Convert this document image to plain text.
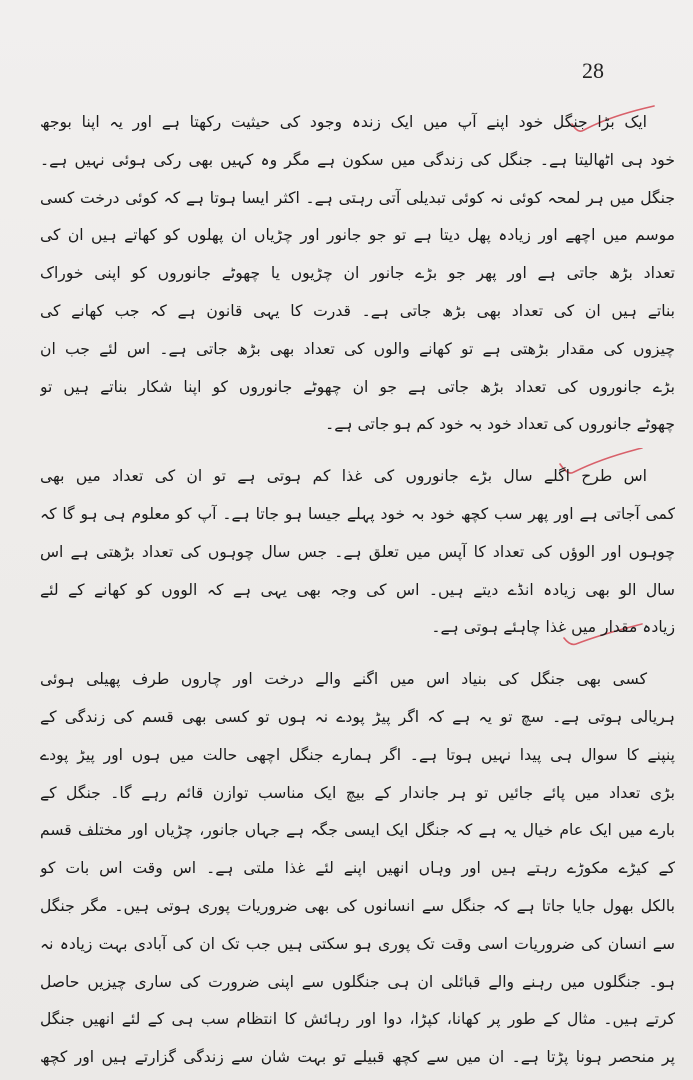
28
ایک بڑا جنگل خود اپنے آپ میں ایک زندہ وجود کی حیثیت رکھتا ہے اور یہ اپنا بوجھ
خود ہی اٹھالیتا ہے۔ جنگل کی زندگی میں سکون ہے مگر وہ کہیں بھی رکی ہوئی نہیں ہے۔
جنگل میں ہر لمحہ کوئی نہ کوئی تبدیلی آتی رہتی ہے۔ اکثر ایسا ہوتا ہے کہ کوئی درخت کسی
موسم میں اچھے اور زیادہ پھل دیتا ہے تو جو جانور اور چڑیاں ان پھلوں کو کھاتے ہیں ان کی
تعداد بڑھ جاتی ہے اور پھر جو بڑے جانور ان چڑیوں یا چھوٹے جانوروں کو اپنی خوراک
بناتے ہیں ان کی تعداد بھی بڑھ جاتی ہے۔ قدرت کا یہی قانون ہے کہ جب کھانے کی
چیزوں کی مقدار بڑھتی ہے تو کھانے والوں کی تعداد بھی بڑھ جاتی ہے۔ اس لئے جب ان
بڑے جانوروں کی تعداد بڑھ جاتی ہے جو ان چھوٹے جانوروں کو اپنا شکار بناتے ہیں تو
چھوٹے جانوروں کی تعداد خود بہ خود کم ہو جاتی ہے۔
اس طرح اگلے سال بڑے جانوروں کی غذا کم ہوتی ہے تو ان کی تعداد میں بھی
کمی آجاتی ہے اور پھر سب کچھ خود بہ خود پہلے جیسا ہو جاتا ہے۔ آپ کو معلوم ہی ہو گا کہ
چوہوں اور الوؤں کی تعداد کا آپس میں تعلق ہے۔ جس سال چوہوں کی تعداد بڑھتی ہے اس
سال الو بھی زیادہ انڈے دیتے ہیں۔ اس کی وجہ بھی یہی ہے کہ الووں کو کھانے کے لئے
زیادہ مقدار میں غذا چاہئے ہوتی ہے۔
کسی بھی جنگل کی بنیاد اس میں اگنے والے درخت اور چاروں طرف پھیلی ہوئی
ہریالی ہوتی ہے۔ سچ تو یہ ہے کہ اگر پیڑ پودے نہ ہوں تو کسی بھی قسم کی زندگی کے
پنپنے کا سوال ہی پیدا نہیں ہوتا ہے۔ اگر ہمارے جنگل اچھی حالت میں ہوں اور پیڑ پودے
بڑی تعداد میں پائے جائیں تو ہر جاندار کے بیچ ایک مناسب توازن قائم رہے گا۔ جنگل کے
بارے میں ایک عام خیال یہ ہے کہ جنگل ایک ایسی جگہ ہے جہاں جانور، چڑیاں اور مختلف قسم
کے کیڑے مکوڑے رہتے ہیں اور وہاں انھیں اپنے لئے غذا ملتی ہے۔ اس وقت اس بات کو
بالکل بھول جایا جاتا ہے کہ جنگل سے انسانوں کی بھی ضروریات پوری ہوتی ہیں۔ مگر جنگل
سے انسان کی ضروریات اسی وقت تک پوری ہو سکتی ہیں جب تک ان کی آبادی بہت زیادہ نہ
ہو۔ جنگلوں میں رہنے والے قبائلی ان ہی جنگلوں سے اپنی ضرورت کی ساری چیزیں حاصل
کرتے ہیں۔ مثال کے طور پر کھانا، کپڑا، دوا اور رہائش کا انتظام سب ہی کے لئے انھیں جنگل
پر منحصر ہونا پڑتا ہے۔ ان میں سے کچھ قبیلے تو بہت شان سے زندگی گزارتے ہیں اور کچھ
